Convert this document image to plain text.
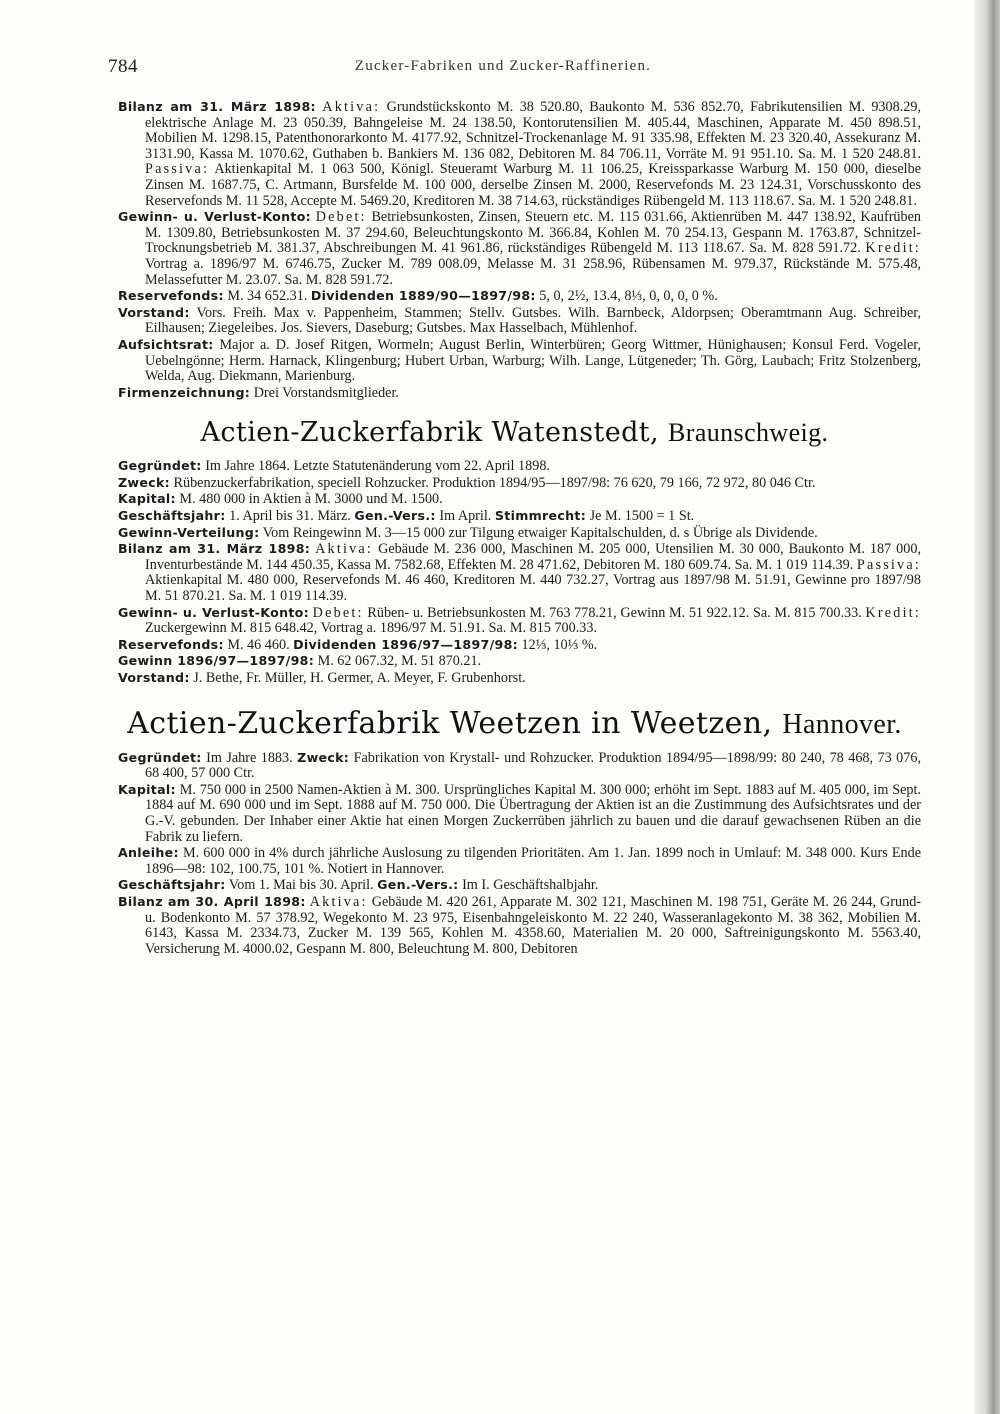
784	Zucker-Fabriken und Zucker-Raffinerien.

Bilanz am 31. März 1898: Aktiva: Grundstückskonto M. 38 520.80, Baukonto M. 536 852.70, Fabrikutensilien M. 9308.29, elektrische Anlage M. 23 050.39, Bahngeleise M. 24 138.50, Kontorutensilien M. 405.44, Maschinen, Apparate M. 450 898.51, Mobilien M. 1298.15, Patenthonorarkonto M. 4177.92, Schnitzel-Trockenanlage M. 91 335.98, Effekten M. 23 320.40, Assekuranz M. 3131.90, Kassa M. 1070.62, Guthaben b. Bankiers M. 136 082, Debitoren M. 84 706.11, Vorräte M. 91 951.10. Sa. M. 1 520 248.81. Passiva: Aktienkapital M. 1 063 500, Königl. Steueramt Warburg M. 11 106.25, Kreissparkasse Warburg M. 150 000, dieselbe Zinsen M. 1687.75, C. Artmann, Bursfelde M. 100 000, derselbe Zinsen M. 2000, Reservefonds M. 23 124.31, Vorschusskonto des Reservefonds M. 11 528, Accepte M. 5469.20, Kreditoren M. 38 714.63, rückständiges Rübengeld M. 113 118.67. Sa. M. 1 520 248.81.

Gewinn- u. Verlust-Konto: Debet: Betriebsunkosten, Zinsen, Steuern etc. M. 115 031.66, Aktienrüben M. 447 138.92, Kaufrüben M. 1309.80, Betriebsunkosten M. 37 294.60, Beleuchtungskonto M. 366.84, Kohlen M. 70 254.13, Gespann M. 1763.87, Schnitzel-Trocknungsbetrieb M. 381.37, Abschreibungen M. 41 961.86, rückständiges Rübengeld M. 113 118.67. Sa. M. 828 591.72. Kredit: Vortrag a. 1896/97 M. 6746.75, Zucker M. 789 008.09, Melasse M. 31 258.96, Rübensamen M. 979.37, Rückstände M. 575.48, Melassefutter M. 23.07. Sa. M. 828 591.72.

Reservefonds: M. 34 652.31. Dividenden 1889/90—1897/98: 5, 0, 2½, 13.4, 8⅓, 0, 0, 0, 0 %.

Vorstand: Vors. Freih. Max v. Pappenheim, Stammen; Stellv. Gutsbes. Wilh. Barnbeck, Aldorpsen; Oberamtmann Aug. Schreiber, Eilhausen; Ziegeleibes. Jos. Sievers, Daseburg; Gutsbes. Max Hasselbach, Mühlenhof.

Aufsichtsrat: Major a. D. Josef Ritgen, Wormeln; August Berlin, Winterbüren; Georg Wittmer, Hünighausen; Konsul Ferd. Vogeler, Uebelngönne; Herm. Harnack, Klingenburg; Hubert Urban, Warburg; Wilh. Lange, Lütgeneder; Th. Görg, Laubach; Fritz Stolzenberg, Welda, Aug. Diekmann, Marienburg.

Firmenzeichnung: Drei Vorstandsmitglieder.

Actien-Zuckerfabrik Watenstedt, Braunschweig.

Gegründet: Im Jahre 1864. Letzte Statutenänderung vom 22. April 1898.

Zweck: Rübenzuckerfabrikation, speciell Rohzucker. Produktion 1894/95—1897/98: 76 620, 79 166, 72 972, 80 046 Ctr.

Kapital: M. 480 000 in Aktien à M. 3000 und M. 1500.

Geschäftsjahr: 1. April bis 31. März. Gen.-Vers.: Im April. Stimmrecht: Je M. 1500 = 1 St.

Gewinn-Verteilung: Vom Reingewinn M. 3—15 000 zur Tilgung etwaiger Kapitalschulden, d. s Übrige als Dividende.

Bilanz am 31. März 1898: Aktiva: Gebäude M. 236 000, Maschinen M. 205 000, Utensilien M. 30 000, Baukonto M. 187 000, Inventurbestände M. 144 450.35, Kassa M. 7582.68, Effekten M. 28 471.62, Debitoren M. 180 609.74. Sa. M. 1 019 114.39. Passiva: Aktienkapital M. 480 000, Reservefonds M. 46 460, Kreditoren M. 440 732.27, Vortrag aus 1897/98 M. 51.91, Gewinne pro 1897/98 M. 51 870.21. Sa. M. 1 019 114.39.

Gewinn- u. Verlust-Konto: Debet: Rüben- u. Betriebsunkosten M. 763 778.21, Gewinn M. 51 922.12. Sa. M. 815 700.33. Kredit: Zuckergewinn M. 815 648.42, Vortrag a. 1896/97 M. 51.91. Sa. M. 815 700.33.

Reservefonds: M. 46 460. Dividenden 1896/97—1897/98: 12⅓, 10⅓ %.

Gewinn 1896/97—1897/98: M. 62 067.32, M. 51 870.21.

Vorstand: J. Bethe, Fr. Müller, H. Germer, A. Meyer, F. Grubenhorst.

Actien-Zuckerfabrik Weetzen in Weetzen, Hannover.

Gegründet: Im Jahre 1883. Zweck: Fabrikation von Krystall- und Rohzucker. Produktion 1894/95—1898/99: 80 240, 78 468, 73 076, 68 400, 57 000 Ctr.

Kapital: M. 750 000 in 2500 Namen-Aktien à M. 300. Ursprüngliches Kapital M. 300 000; erhöht im Sept. 1883 auf M. 405 000, im Sept. 1884 auf M. 690 000 und im Sept. 1888 auf M. 750 000. Die Übertragung der Aktien ist an die Zustimmung des Aufsichtsrates und der G.-V. gebunden. Der Inhaber einer Aktie hat einen Morgen Zuckerrüben jährlich zu bauen und die darauf gewachsenen Rüben an die Fabrik zu liefern.

Anleihe: M. 600 000 in 4% durch jährliche Auslosung zu tilgenden Prioritäten. Am 1. Jan. 1899 noch in Umlauf: M. 348 000. Kurs Ende 1896—98: 102, 100.75, 101 %. Notiert in Hannover.

Geschäftsjahr: Vom 1. Mai bis 30. April. Gen.-Vers.: Im I. Geschäftshalbjahr.

Bilanz am 30. April 1898: Aktiva: Gebäude M. 420 261, Apparate M. 302 121, Maschinen M. 198 751, Geräte M. 26 244, Grund- u. Bodenkonto M. 57 378.92, Wegekonto M. 23 975, Eisenbahngeleiskonto M. 22 240, Wasseranlagekonto M. 38 362, Mobilien M. 6143, Kassa M. 2334.73, Zucker M. 139 565, Kohlen M. 4358.60, Materialien M. 20 000, Saftreinigungskonto M. 5563.40, Versicherung M. 4000.02, Gespann M. 800, Beleuchtung M. 800, Debitoren
